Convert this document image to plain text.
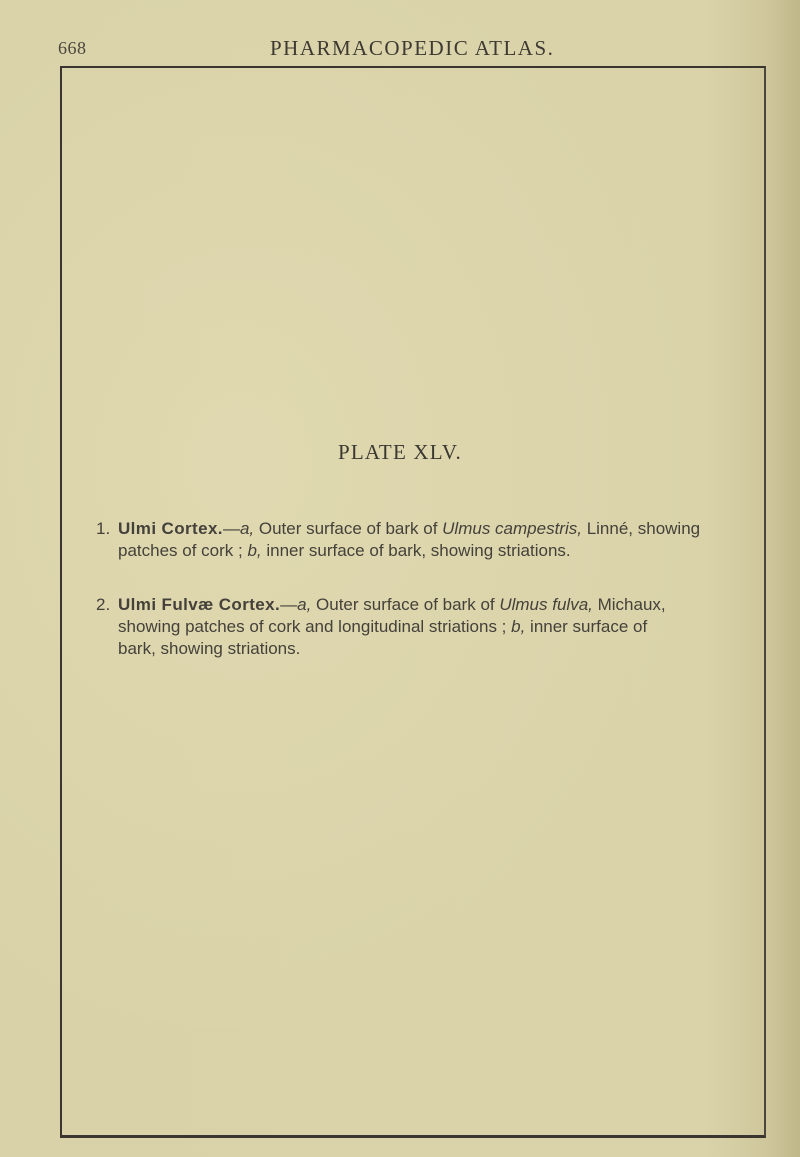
668	PHARMACOPEDIC ATLAS.
PLATE XLV.
1. Ulmi Cortex.—a, Outer surface of bark of Ulmus campestris, Linné, showing
patches of cork ; b, inner surface of bark, showing striations.
2. Ulmi Fulvæ Cortex.—a, Outer surface of bark of Ulmus fulva, Michaux,
showing patches of cork and longitudinal striations ; b, inner surface of
bark, showing striations.
